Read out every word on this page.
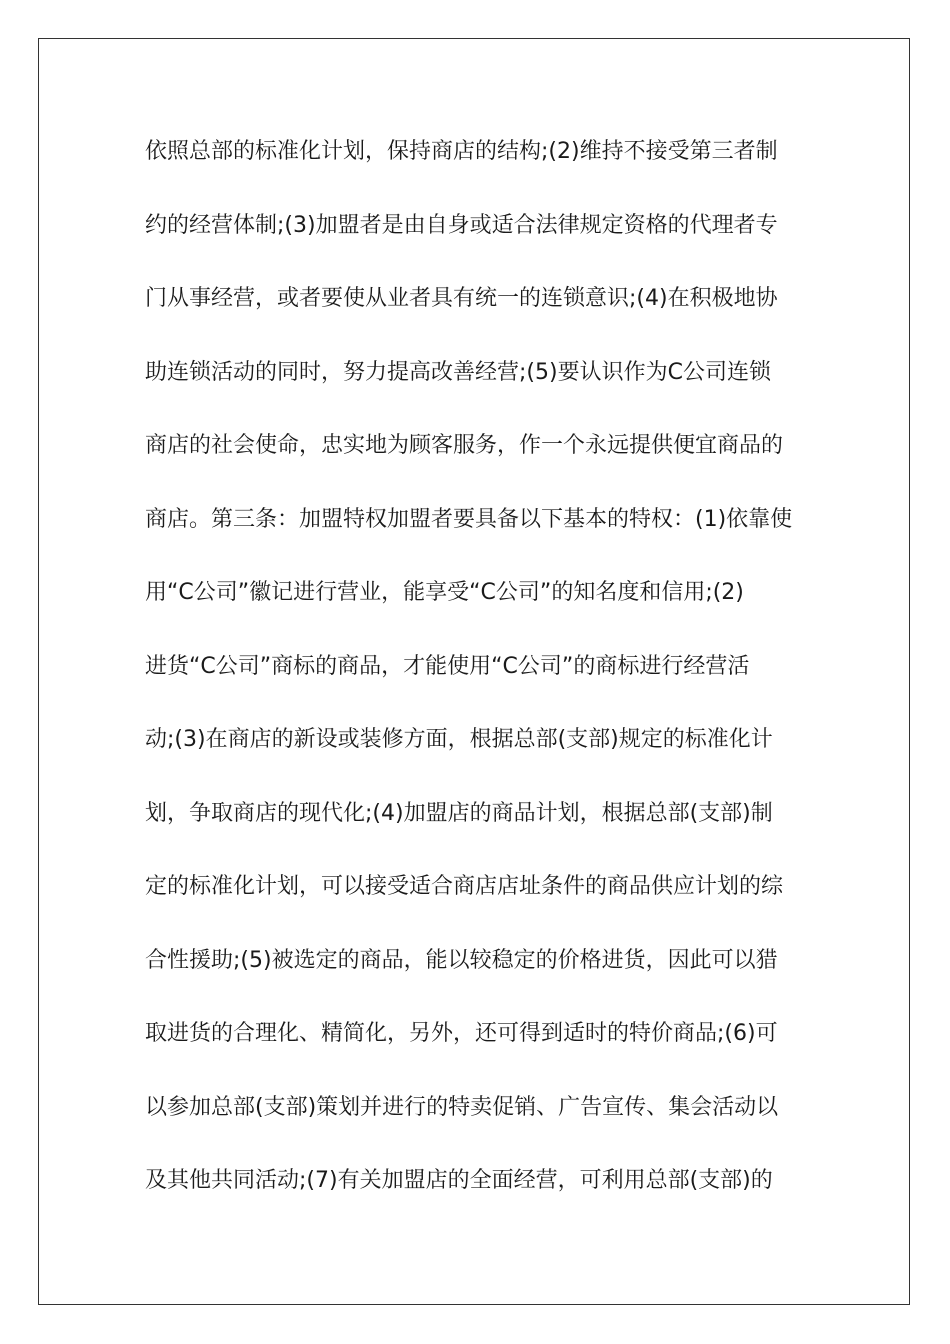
依照总部的标准化计划，保持商店的结构;(2)维持不接受第三者制
约的经营体制;(3)加盟者是由自身或适合法律规定资格的代理者专
门从事经营，或者要使从业者具有统一的连锁意识;(4)在积极地协
助连锁活动的同时，努力提高改善经营;(5)要认识作为C公司连锁
商店的社会使命，忠实地为顾客服务，作一个永远提供便宜商品的
商店。第三条：加盟特权加盟者要具备以下基本的特权：(1)依靠使
用“C公司”徽记进行营业，能享受“C公司”的知名度和信用;(2)
进货“C公司”商标的商品，才能使用“C公司”的商标进行经营活
动;(3)在商店的新设或装修方面，根据总部(支部)规定的标准化计
划，争取商店的现代化;(4)加盟店的商品计划，根据总部(支部)制
定的标准化计划，可以接受适合商店店址条件的商品供应计划的综
合性援助;(5)被选定的商品，能以较稳定的价格进货，因此可以猎
取进货的合理化、精简化，另外，还可得到适时的特价商品;(6)可
以参加总部(支部)策划并进行的特卖促销、广告宣传、集会活动以
及其他共同活动;(7)有关加盟店的全面经营，可利用总部(支部)的
